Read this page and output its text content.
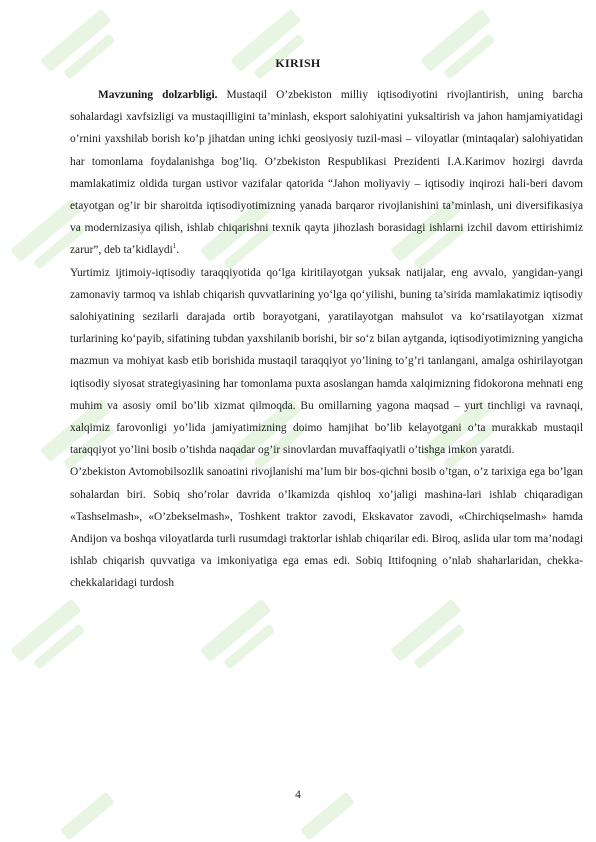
KIRISH

Mavzuning dolzarbligi. Mustaqil O’zbekiston milliy iqtisodiyotini rivojlantirish, uning barcha sohalardagi xavfsizligi va mustaqilligini ta’minlash, eksport salohiyatini yuksaltirish va jahon hamjamiyatidagi o’rnini yaxshilab borish ko’p jihatdan uning ichki geosiyosiy tuzil-masi – viloyatlar (mintaqalar) salohiyatidan har tomonlama foydalanishga bog’liq. O’zbekiston Respublikasi Prezidenti I.A.Karimov hozirgi davrda mamlakatimiz oldida turgan ustivor vazifalar qatorida “Jahon moliyaviy – iqtisodiy inqirozi hali-beri davom etayotgan og’ir bir sharoitda iqtisodiyotimizning yanada barqaror rivojlanishini ta’minlash, uni diversifikasiya va modernizasiya qilish, ishlab chiqarishni texnik qayta jihozlash borasidagi ishlarni izchil davom ettirishimiz zarur”, deb ta’kidlaydi$^1$.

Yurtimiz ijtimoiy-iqtisodiy taraqqiyotida qo‘lga kiritilayotgan yuksak natijalar, eng avvalo, yangidan-yangi zamonaviy tarmoq va ishlab chiqarish quvvatlarining yo‘lga qo‘yilishi, buning ta’sirida mamlakatimiz iqtisodiy salohiyatining sezilarli darajada ortib borayotgani, yaratilayotgan mahsulot va ko‘rsatilayotgan xizmat turlarining ko‘payib, sifatining tubdan yaxshilanib borishi, bir so‘z bilan aytganda, iqtisodiyotimizning yangicha mazmun va mohiyat kasb etib borishida mustaqil taraqqiyot yo’lining to’g’ri tanlangani, amalga oshirilayotgan iqtisodiy siyosat strategiyasining har tomonlama puxta asoslangan hamda xalqimizning fidokorona mehnati eng muhim va asosiy omil bo’lib xizmat qilmoqda. Bu omillarning yagona maqsad – yurt tinchligi va ravnaqi, xalqimiz farovonligi yo’lida jamiyatimizning doimo hamjihat bo’lib kelayotgani o’ta murakkab mustaqil taraqqiyot yo’lini bosib o’tishda naqadar og’ir sinovlardan muvaffaqiyatli o’tishga imkon yaratdi.

O’zbekiston Avtomobilsozlik sanoatini rivojlanishi ma’lum bir bos-qichni bosib o’tgan, o’z tarixiga ega bo’lgan sohalardan biri. Sobiq sho’rolar davrida o’lkamizda qishloq xo’jaligi mashina-lari ishlab chiqaradigan «Tashselmash», «O’zbekselmash», Toshkent traktor zavodi, Ekskavator zavodi, «Chirchiqselmash» hamda Andijon va boshqa viloyatlarda turli rusumdagi traktorlar ishlab chiqarilar edi. Biroq, aslida ular tom ma’nodagi ishlab chiqarish quvvatiga va imkoniyatiga ega emas edi. Sobiq Ittifoqning o’nlab shaharlaridan, chekka-chekkalaridagi turdosh

4
